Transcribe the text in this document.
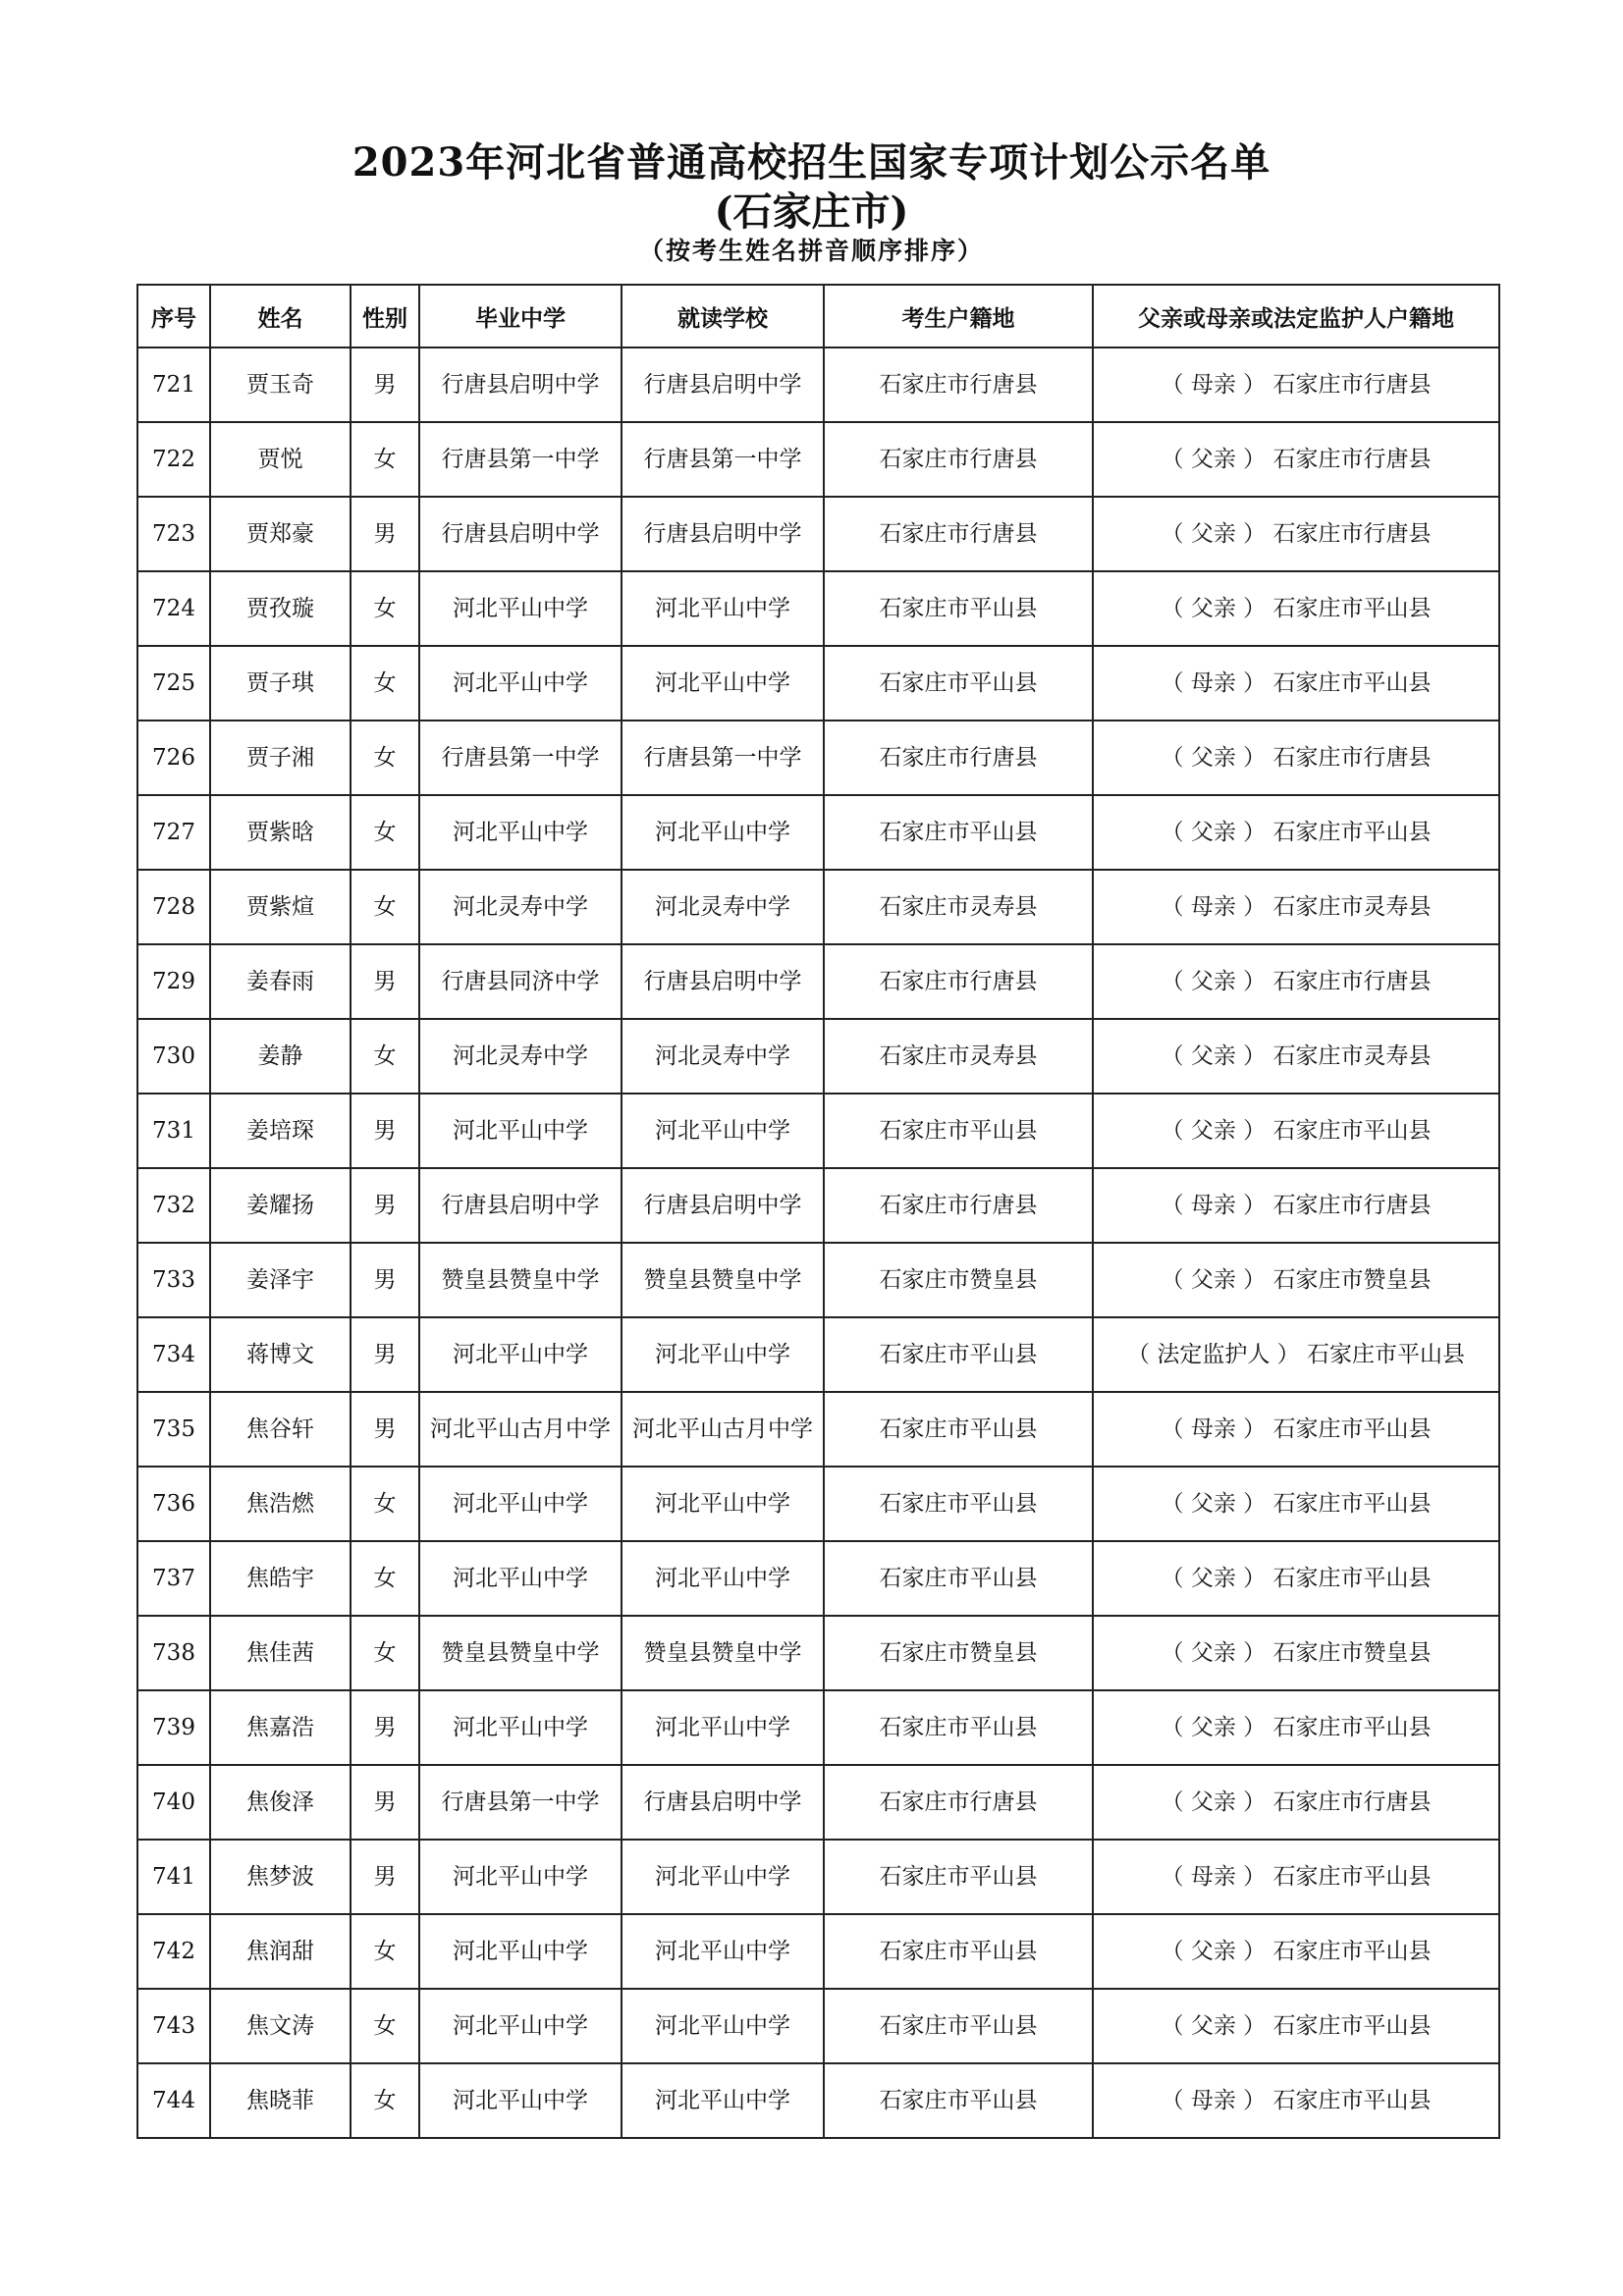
2023年河北省普通高校招生国家专项计划公示名单
(石家庄市)
（按考生姓名拼音顺序排序）
序号	姓名	性别	毕业中学	就读学校	考生户籍地	父亲或母亲或法定监护人户籍地
721	贾玉奇	男	行唐县启明中学	行唐县启明中学	石家庄市行唐县	（ 母亲 ） 石家庄市行唐县
722	贾悦	女	行唐县第一中学	行唐县第一中学	石家庄市行唐县	（ 父亲 ） 石家庄市行唐县
723	贾郑豪	男	行唐县启明中学	行唐县启明中学	石家庄市行唐县	（ 父亲 ） 石家庄市行唐县
724	贾孜璇	女	河北平山中学	河北平山中学	石家庄市平山县	（ 父亲 ） 石家庄市平山县
725	贾子琪	女	河北平山中学	河北平山中学	石家庄市平山县	（ 母亲 ） 石家庄市平山县
726	贾子湘	女	行唐县第一中学	行唐县第一中学	石家庄市行唐县	（ 父亲 ） 石家庄市行唐县
727	贾紫晗	女	河北平山中学	河北平山中学	石家庄市平山县	（ 父亲 ） 石家庄市平山县
728	贾紫煊	女	河北灵寿中学	河北灵寿中学	石家庄市灵寿县	（ 母亲 ） 石家庄市灵寿县
729	姜春雨	男	行唐县同济中学	行唐县启明中学	石家庄市行唐县	（ 父亲 ） 石家庄市行唐县
730	姜静	女	河北灵寿中学	河北灵寿中学	石家庄市灵寿县	（ 父亲 ） 石家庄市灵寿县
731	姜培琛	男	河北平山中学	河北平山中学	石家庄市平山县	（ 父亲 ） 石家庄市平山县
732	姜耀扬	男	行唐县启明中学	行唐县启明中学	石家庄市行唐县	（ 母亲 ） 石家庄市行唐县
733	姜泽宇	男	赞皇县赞皇中学	赞皇县赞皇中学	石家庄市赞皇县	（ 父亲 ） 石家庄市赞皇县
734	蒋博文	男	河北平山中学	河北平山中学	石家庄市平山县	（ 法定监护人 ） 石家庄市平山县
735	焦谷轩	男	河北平山古月中学	河北平山古月中学	石家庄市平山县	（ 母亲 ） 石家庄市平山县
736	焦浩燃	女	河北平山中学	河北平山中学	石家庄市平山县	（ 父亲 ） 石家庄市平山县
737	焦皓宇	女	河北平山中学	河北平山中学	石家庄市平山县	（ 父亲 ） 石家庄市平山县
738	焦佳茜	女	赞皇县赞皇中学	赞皇县赞皇中学	石家庄市赞皇县	（ 父亲 ） 石家庄市赞皇县
739	焦嘉浩	男	河北平山中学	河北平山中学	石家庄市平山县	（ 父亲 ） 石家庄市平山县
740	焦俊泽	男	行唐县第一中学	行唐县启明中学	石家庄市行唐县	（ 父亲 ） 石家庄市行唐县
741	焦梦波	男	河北平山中学	河北平山中学	石家庄市平山县	（ 母亲 ） 石家庄市平山县
742	焦润甜	女	河北平山中学	河北平山中学	石家庄市平山县	（ 父亲 ） 石家庄市平山县
743	焦文涛	女	河北平山中学	河北平山中学	石家庄市平山县	（ 父亲 ） 石家庄市平山县
744	焦晓菲	女	河北平山中学	河北平山中学	石家庄市平山县	（ 母亲 ） 石家庄市平山县
